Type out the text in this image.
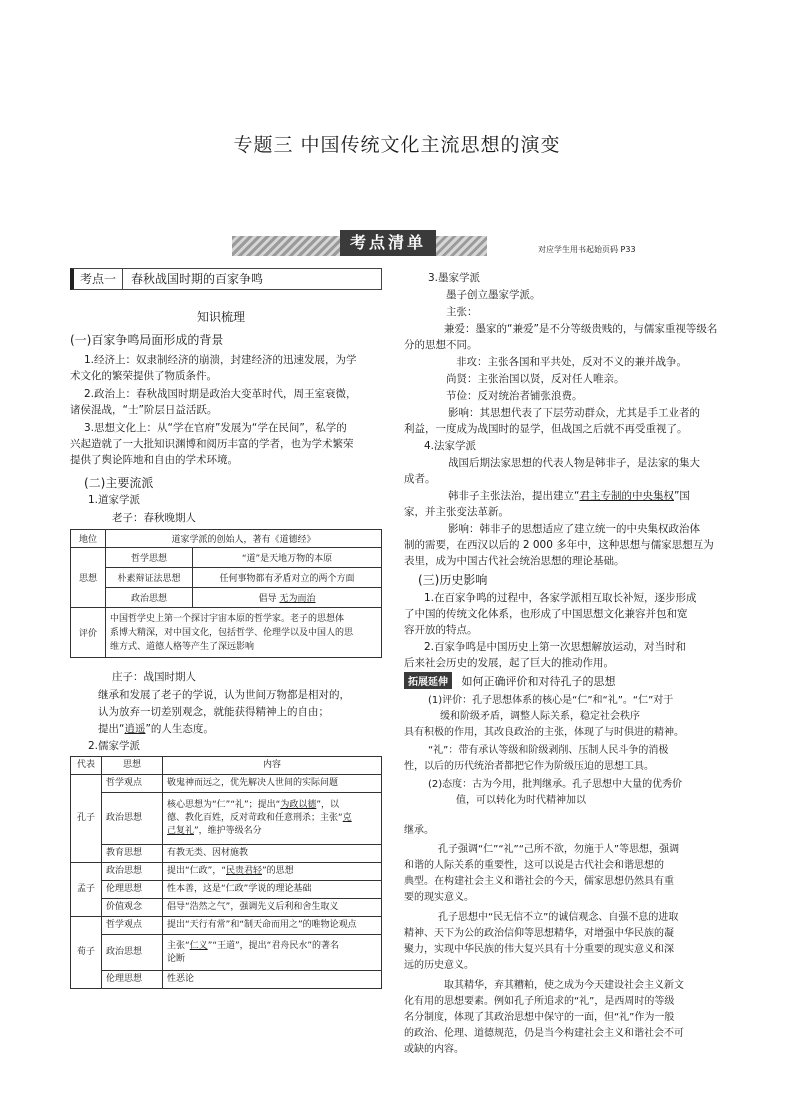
专题三 中国传统文化主流思想的演变
考点清单	对应学生用书起始页码 P33
考点一 春秋战国时期的百家争鸣
知识梳理
(一)百家争鸣局面形成的背景
1.经济上：奴隶制经济的崩溃，封建经济的迅速发展，为学
术文化的繁荣提供了物质条件。
2.政治上：春秋战国时期是政治大变革时代，周王室衰微，
诸侯混战，“士”阶层日益活跃。
3.思想文化上：从“学在官府”发展为“学在民间”，私学的
兴起造就了一大批知识渊博和阅历丰富的学者，也为学术繁荣
提供了舆论阵地和自由的学术环境。
(二)主要流派
1.道家学派
老子：春秋晚期人
地位	道家学派的创始人，著有《道德经》	
思想	哲学思想	“道”是天地万物的本原
	朴素辩证法思想	任何事物都有矛盾对立的两个方面
	政治思想	倡导 无为而治
评价	中国哲学史上第一个探讨宇宙本原的哲学家。老子的思想体
系博大精深，对中国文化，包括哲学、伦理学以及中国人的思
维方式、道德人格等产生了深远影响	
庄子：战国时期人
继承和发展了老子的学说，认为世间万物都是相对的，
认为放弃一切差别观念，就能获得精神上的自由；
提出“逍遥”的人生态度。
2.儒家学派
代表	思想	内容
孔子	哲学观点	敬鬼神而远之，优先解决人世间的实际问题
	政治思想	核心思想为“仁”“礼”；提出“为政以德”，以
德、教化百姓，反对苛政和任意刑杀；主张“克
己复礼”，维护等级名分

	教育思想	有教无类、因材施教
孟子	政治思想	提出“仁政”，“民贵君轻”的思想
	伦理思想	性本善，这是“仁政”学说的理论基础
	价值观念	倡导“浩然之气”，强调先义后利和舍生取义
荀子	哲学观点	提出“天行有常”和“制天命而用之”的唯物论观点
	政治思想	主张“仁义”“王道”，提出“君舟民水”的著名
论断

	伦理思想	性恶论
3.墨家学派
墨子创立墨家学派。
主张：
兼爱：墨家的“兼爱”是不分等级贵贱的，与儒家重视等级名
分的思想不同。
非攻：主张各国和平共处，反对不义的兼并战争。
尚贤：主张治国以贤，反对任人唯亲。
节俭：反对统治者铺张浪费。
影响：其思想代表了下层劳动群众，尤其是手工业者的
利益，一度成为战国时的显学，但战国之后就不再受重视了。
4.法家学派
战国后期法家思想的代表人物是韩非子，是法家的集大
成者。
韩非子主张法治，提出建立“君主专制的中央集权”国
家，并主张变法革新。
影响：韩非子的思想适应了建立统一的中央集权政治体
制的需要，在西汉以后的 2 000 多年中，这种思想与儒家思想互为
表里，成为中国古代社会统治思想的理论基础。
(三)历史影响
1.在百家争鸣的过程中，各家学派相互取长补短，逐步形成
了中国的传统文化体系，也形成了中国思想文化兼容并包和宽
容开放的特点。
2.百家争鸣是中国历史上第一次思想解放运动，对当时和
后来社会历史的发展，起了巨大的推动作用。
拓展延伸 如何正确评价和对待孔子的思想
(1)评价：孔子思想体系的核心是“仁”和“礼”。“仁”对于
缓和阶级矛盾，调整人际关系，稳定社会秩序
具有积极的作用，其改良政治的主张，体现了与时俱进的精神。
“礼”：带有承认等级和阶级剥削、压制人民斗争的消极
性，以后的历代统治者都把它作为阶级压迫的思想工具。
(2)态度：古为今用，批判继承。孔子思想中大量的优秀价
值，可以转化为时代精神加以
继承。
孔子强调“仁”“礼”“己所不欲，勿施于人”等思想，强调
和谐的人际关系的重要性，这可以说是古代社会和谐思想的
典型。在构建社会主义和谐社会的今天，儒家思想仍然具有重
要的现实意义。
孔子思想中“民无信不立”的诚信观念、自强不息的进取
精神、天下为公的政治信仰等思想精华，对增强中华民族的凝
聚力，实现中华民族的伟大复兴具有十分重要的现实意义和深
远的历史意义。
取其精华，弃其糟粕，使之成为今天建设社会主义新文
化有用的思想要素。例如孔子所追求的“礼”，是西周时的等级
名分制度，体现了其政治思想中保守的一面，但“礼”作为一般
的政治、伦理、道德规范，仍是当今构建社会主义和谐社会不可
或缺的内容。
